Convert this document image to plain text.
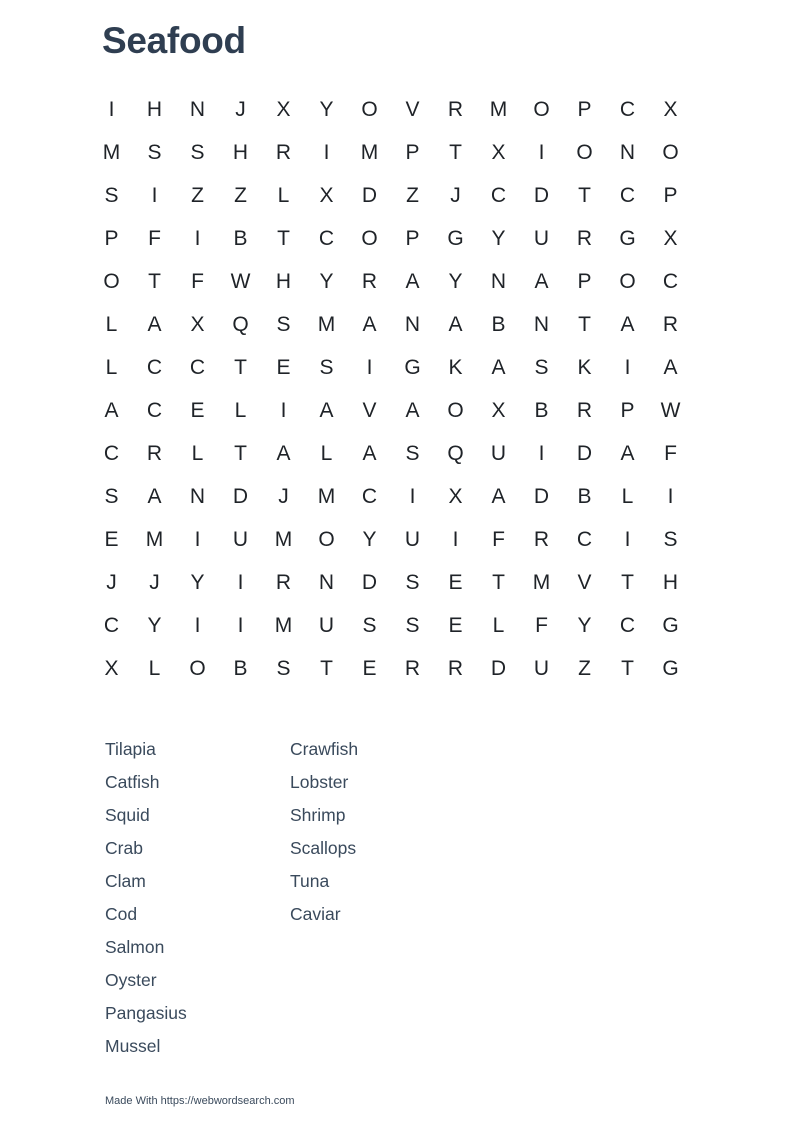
Seafood
I	H	N	J	X	Y	O	V	R	M	O	P	C	X
M	S	S	H	R	I	M	P	T	X	I	O	N	O
S	I	Z	Z	L	X	D	Z	J	C	D	T	C	P
P	F	I	B	T	C	O	P	G	Y	U	R	G	X
O	T	F	W	H	Y	R	A	Y	N	A	P	O	C
L	A	X	Q	S	M	A	N	A	B	N	T	A	R
L	C	C	T	E	S	I	G	K	A	S	K	I	A
A	C	E	L	I	A	V	A	O	X	B	R	P	W
C	R	L	T	A	L	A	S	Q	U	I	D	A	F
S	A	N	D	J	M	C	I	X	A	D	B	L	I
E	M	I	U	M	O	Y	U	I	F	R	C	I	S
J	J	Y	I	R	N	D	S	E	T	M	V	T	H
C	Y	I	I	M	U	S	S	E	L	F	Y	C	G
X	L	O	B	S	T	E	R	R	D	U	Z	T	G
Tilapia
Catfish
Squid
Crab
Clam
Cod
Salmon
Oyster
Pangasius
Mussel
Crawfish
Lobster
Shrimp
Scallops
Tuna
Caviar
Made With https://webwordsearch.com
